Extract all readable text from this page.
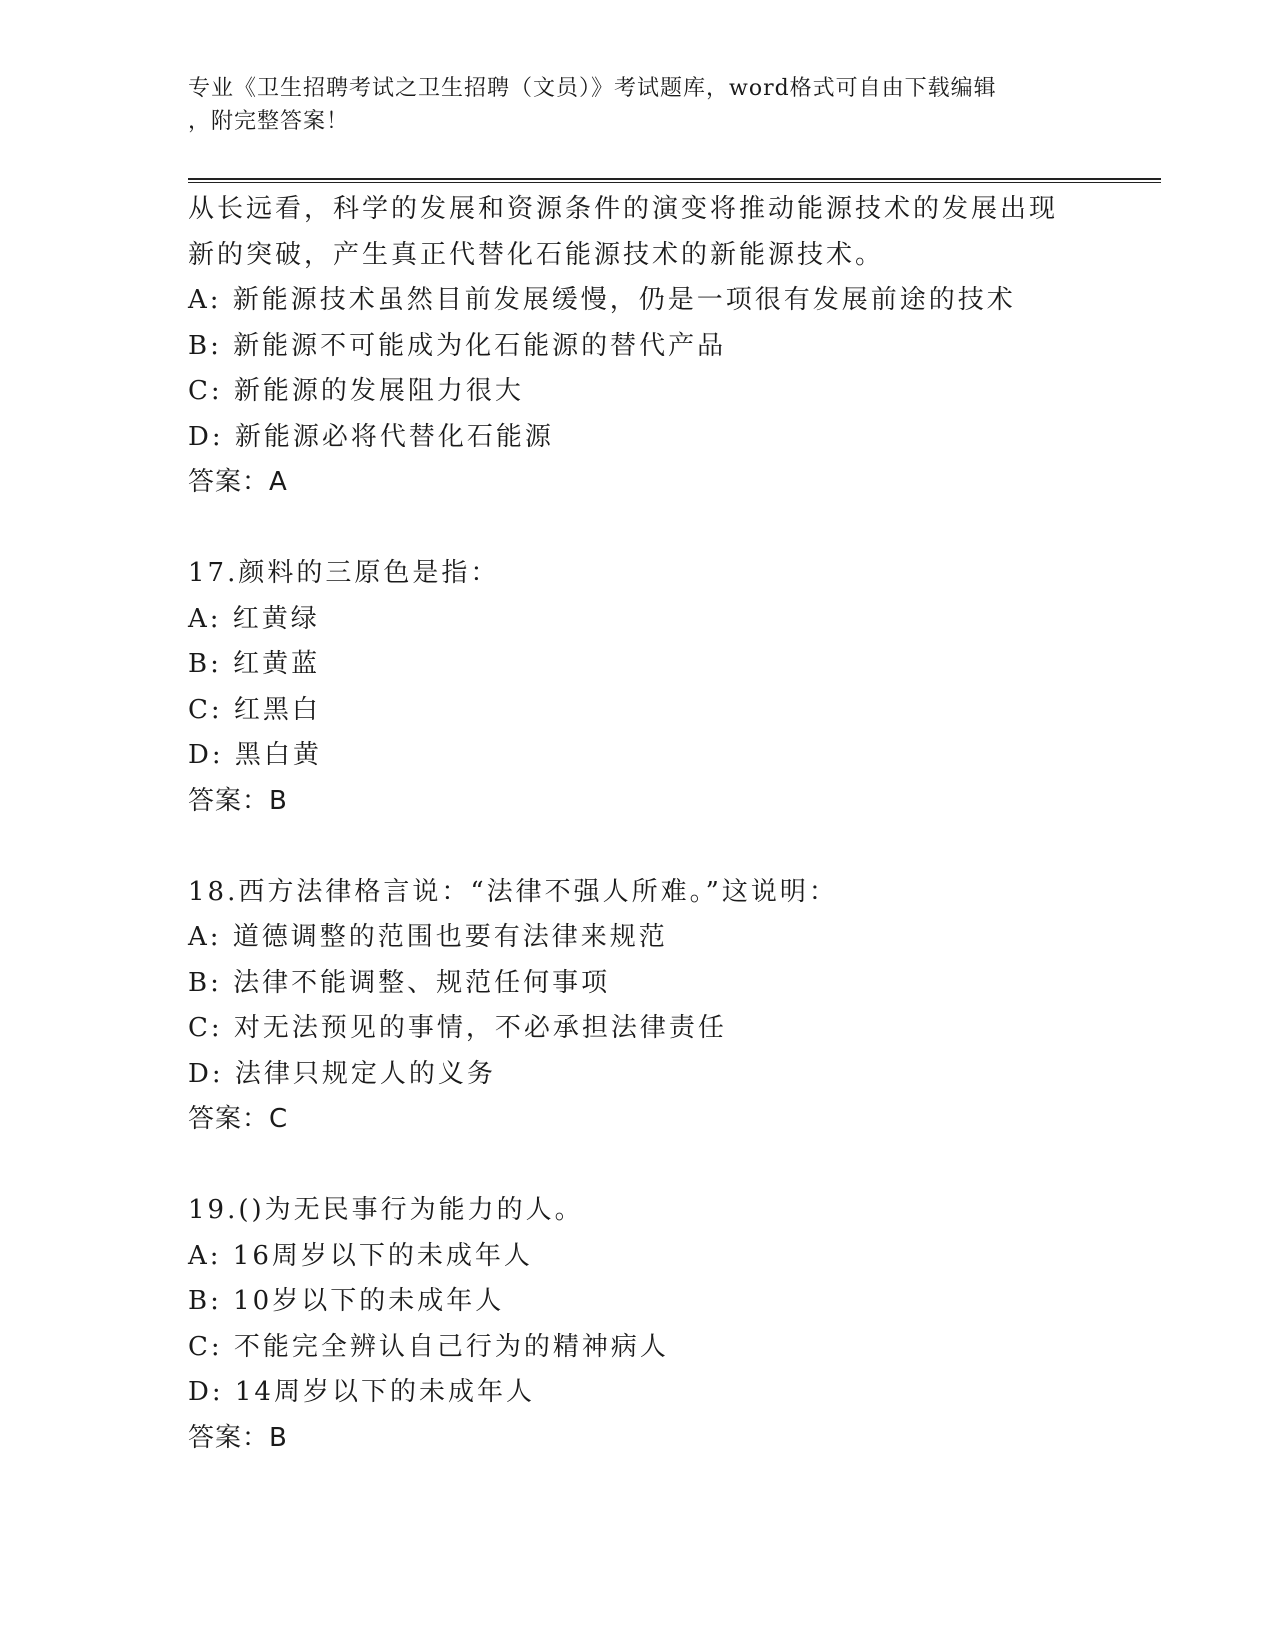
专业《卫生招聘考试之卫生招聘（文员）》考试题库，word格式可自由下载编辑
，附完整答案！
从长远看，科学的发展和资源条件的演变将推动能源技术的发展出现
新的突破，产生真正代替化石能源技术的新能源技术。
A: 新能源技术虽然目前发展缓慢，仍是一项很有发展前途的技术
B: 新能源不可能成为化石能源的替代产品
C: 新能源的发展阻力很大
D: 新能源必将代替化石能源
答案：A
17.颜料的三原色是指：
A: 红黄绿
B: 红黄蓝
C: 红黑白
D: 黑白黄
答案：B
18.西方法律格言说：“法律不强人所难。”这说明：
A: 道德调整的范围也要有法律来规范
B: 法律不能调整、规范任何事项
C: 对无法预见的事情，不必承担法律责任
D: 法律只规定人的义务
答案：C
19.()为无民事行为能力的人。
A: 16周岁以下的未成年人
B: 10岁以下的未成年人
C: 不能完全辨认自己行为的精神病人
D: 14周岁以下的未成年人
答案：B
